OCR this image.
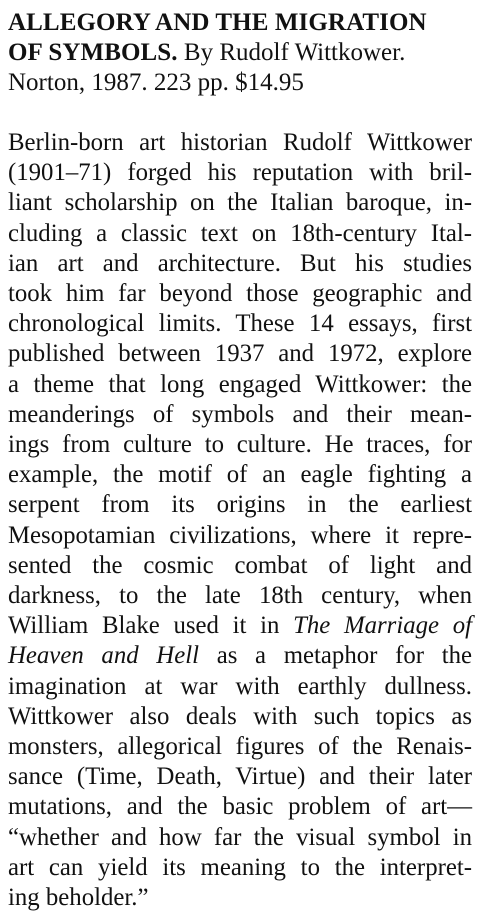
ALLEGORY AND THE MIGRATION
OF SYMBOLS. By Rudolf Wittkower.
Norton, 1987. 223 pp. $14.95
Berlin-born art historian Rudolf Wittkower
(1901–71) forged his reputation with bril-
liant scholarship on the Italian baroque, in-
cluding a classic text on 18th-century Ital-
ian art and architecture. But his studies
took him far beyond those geographic and
chronological limits. These 14 essays, first
published between 1937 and 1972, explore
a theme that long engaged Wittkower: the
meanderings of symbols and their mean-
ings from culture to culture. He traces, for
example, the motif of an eagle fighting a
serpent from its origins in the earliest
Mesopotamian civilizations, where it repre-
sented the cosmic combat of light and
darkness, to the late 18th century, when
William Blake used it in The Marriage of
Heaven and Hell as a metaphor for the
imagination at war with earthly dullness.
Wittkower also deals with such topics as
monsters, allegorical figures of the Renais-
sance (Time, Death, Virtue) and their later
mutations, and the basic problem of art—
“whether and how far the visual symbol in
art can yield its meaning to the interpret-
ing beholder.”
